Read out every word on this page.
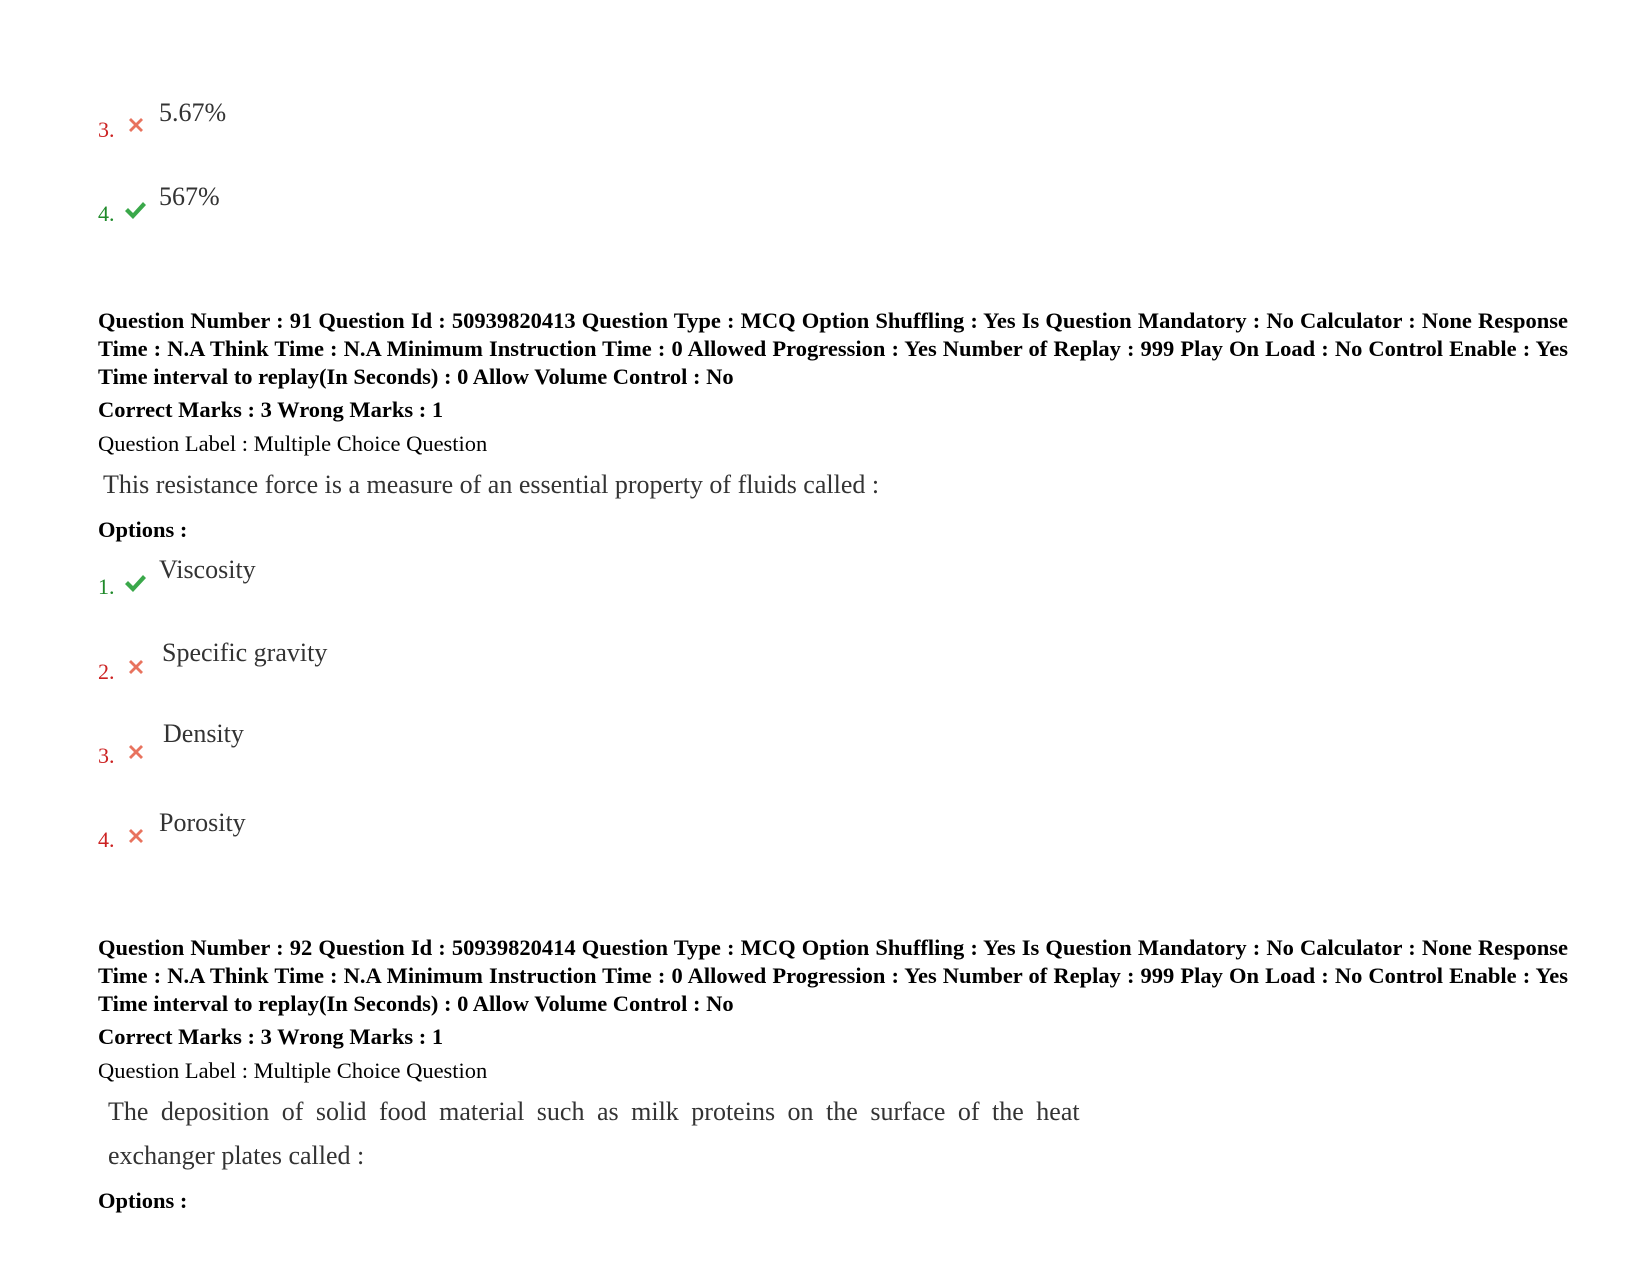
3.
5.67%
4.
567%
Question Number : 91 Question Id : 50939820413 Question Type : MCQ Option Shuffling : Yes Is Question Mandatory : No Calculator : None Response Time : N.A Think Time : N.A Minimum Instruction Time : 0 Allowed Progression : Yes Number of Replay : 999 Play On Load : No Control Enable : Yes Time interval to replay(In Seconds) : 0 Allow Volume Control : No
Correct Marks : 3 Wrong Marks : 1
Question Label : Multiple Choice Question
This resistance force is a measure of an essential property of fluids called :
Options :
1.
Viscosity
2.
Specific gravity
3.
Density
4.
Porosity
Question Number : 92 Question Id : 50939820414 Question Type : MCQ Option Shuffling : Yes Is Question Mandatory : No Calculator : None Response Time : N.A Think Time : N.A Minimum Instruction Time : 0 Allowed Progression : Yes Number of Replay : 999 Play On Load : No Control Enable : Yes Time interval to replay(In Seconds) : 0 Allow Volume Control : No
Correct Marks : 3 Wrong Marks : 1
Question Label : Multiple Choice Question
The deposition of solid food material such as milk proteins on the surface of the heat
exchanger plates called :
Options :
